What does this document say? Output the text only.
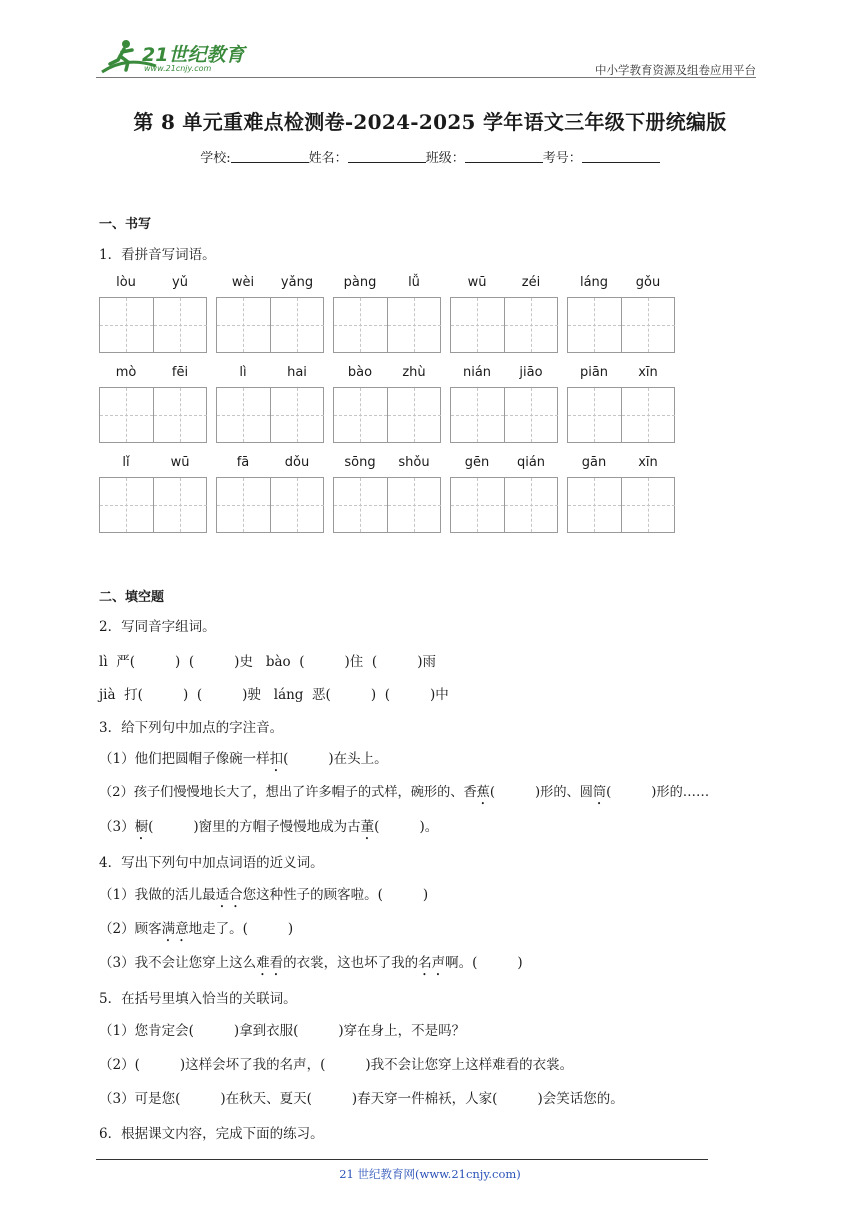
21世纪教育
www.21cnjy.com	中小学教育资源及组卷应用平台
第 8 单元重难点检测卷-2024-2025 学年语文三年级下册统编版
学校:	姓名：	班级：	考号：
一、书写
1．看拼音写词语。
lòu	yǔ	wèi	yǎng	pàng	lǚ	wū	zéi	láng	gǒu
mò	fēi	lì	hai	bào	zhù	nián	jiāo	piān	xīn
lǐ	wū	fā	dǒu	sōng	shǒu	gēn	qián	gān	xīn
二、填空题
2．写同音字组词。
lì 严(	) (	)史 bào (	)住 (	)雨
jià 打(	) (	)驶 láng 恶(	) (	)中
3．给下列句中加点的字注音。
（1）他们把圆帽子像碗一样扣(	)在头上。
（2）孩子们慢慢地长大了，想出了许多帽子的式样，碗形的、香蕉(	)形的、圆筒(	)形的……
（3）橱(	)窗里的方帽子慢慢地成为古董(	)。
4．写出下列句中加点词语的近义词。
（1）我做的活儿最适合您这种性子的顾客啦。(	)
（2）顾客满意地走了。(	)
（3）我不会让您穿上这么难看的衣裳，这也坏了我的名声啊。(	)
5．在括号里填入恰当的关联词。
（1）您肯定会(	)拿到衣服(	)穿在身上，不是吗？
（2）(	)这样会坏了我的名声，(	)我不会让您穿上这样难看的衣裳。
（3）可是您(	)在秋天、夏天(	)春天穿一件棉袄，人家(	)会笑话您的。
6．根据课文内容，完成下面的练习。
21 世纪教育网(www.21cnjy.com)
